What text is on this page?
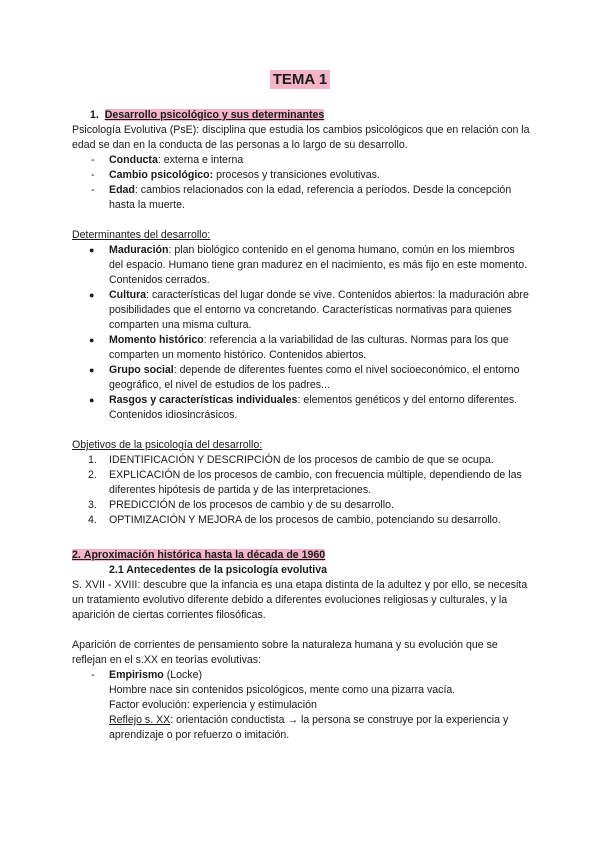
TEMA 1

1. Desarrollo psicológico y sus determinantes

Psicología Evolutiva (PsE): disciplina que estudia los cambios psicológicos que en relación con la edad se dan en la conducta de las personas a lo largo de su desarrollo.

- Conducta: externa e interna
- Cambio psicológico: procesos y transiciones evolutivas.
- Edad: cambios relacionados con la edad, referencia a períodos. Desde la concepción hasta la muerte.

Determinantes del desarrollo:

● Maduración: plan biológico contenido en el genoma humano, común en los miembros del espacio. Humano tiene gran madurez en el nacimiento, es más fijo en este momento. Contenidos cerrados.
● Cultura: características del lugar donde se vive. Contenidos abiertos: la maduración abre posibilidades que el entorno va concretando. Características normativas para quienes comparten una misma cultura.
● Momento histórico: referencia a la variabilidad de las culturas. Normas para los que comparten un momento histórico. Contenidos abiertos.
● Grupo social: depende de diferentes fuentes como el nivel socioeconómico, el entorno geográfico, el nivel de estudios de los padres...
● Rasgos y características individuales: elementos genéticos y del entorno diferentes. Contenidos idiosincrásicos.

Objetivos de la psicología del desarrollo:

1. IDENTIFICACIÓN Y DESCRIPCIÓN de los procesos de cambio de que se ocupa.
2. EXPLICACIÓN de los procesos de cambio, con frecuencia múltiple, dependiendo de las diferentes hipótesis de partida y de las interpretaciones.
3. PREDICCIÓN de los procesos de cambio y de su desarrollo.
4. OPTIMIZACIÓN Y MEJORA de los procesos de cambio, potenciando su desarrollo.

2. Aproximación histórica hasta la década de 1960

2.1 Antecedentes de la psicología evolutiva

S. XVII - XVIII: descubre que la infancia es una etapa distinta de la adultez y por ello, se necesita un tratamiento evolutivo diferente debido a diferentes evoluciones religiosas y culturales, y la aparición de ciertas corrientes filosóficas.

Aparición de corrientes de pensamiento sobre la naturaleza humana y su evolución que se reflejan en el s.XX en teorías evolutivas:

- Empirismo (Locke)

Hombre nace sin contenidos psicológicos, mente como una pizarra vacía.

Factor evolución: experiencia y estimulación

Reflejo s. XX: orientación conductista → la persona se construye por la experiencia y aprendizaje o por refuerzo o imitación.
